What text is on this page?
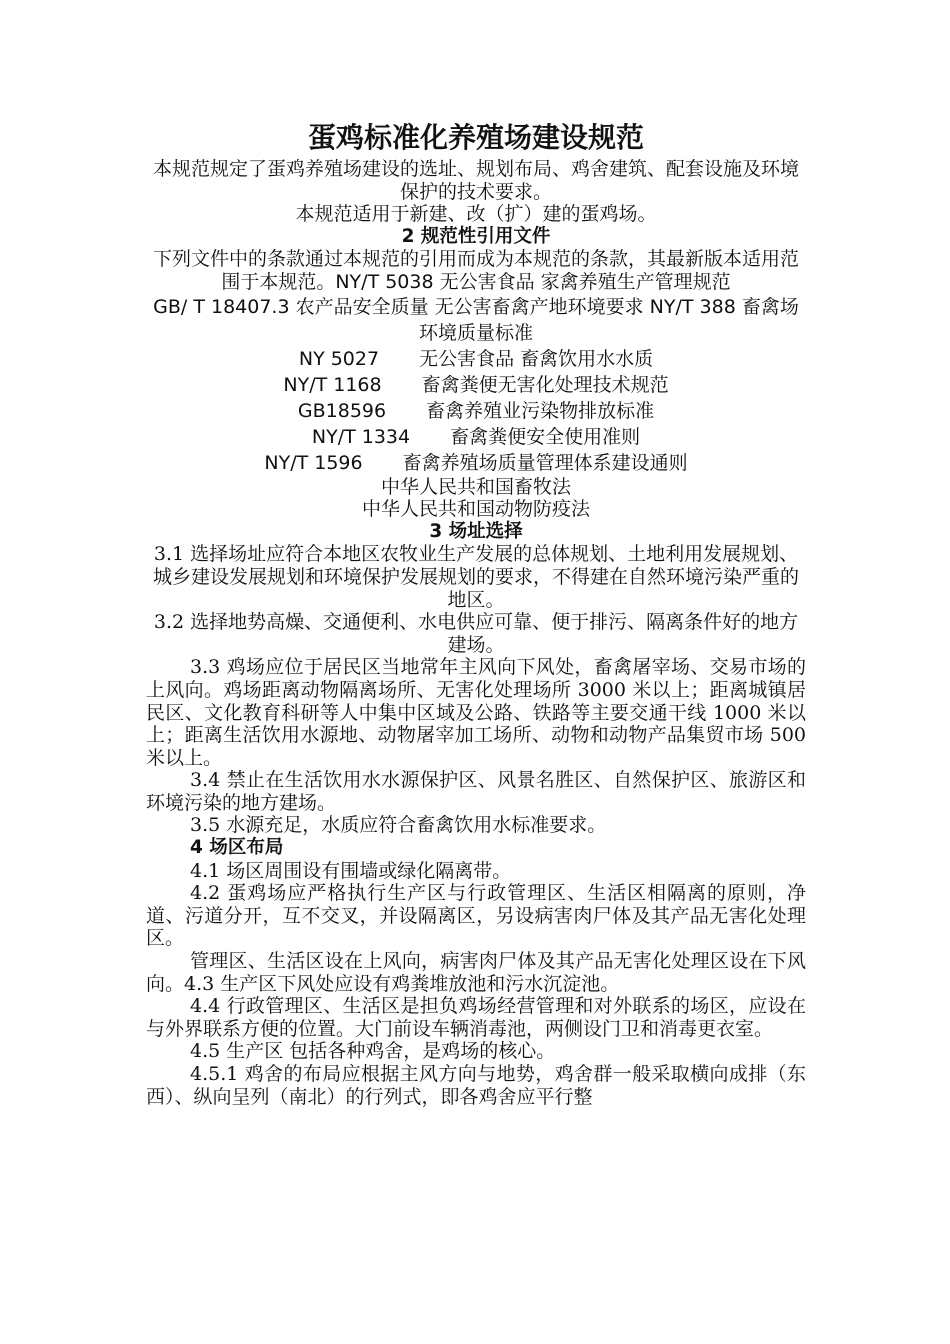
蛋鸡标准化养殖场建设规范

本规范规定了蛋鸡养殖场建设的选址、规划布局、鸡舍建筑、配套设施及环境保护的技术要求。

本规范适用于新建、改（扩）建的蛋鸡场。

2 规范性引用文件

下列文件中的条款通过本规范的引用而成为本规范的条款，其最新版本适用范围于本规范。NY/T 5038 无公害食品 家禽养殖生产管理规范

GB/ T 18407.3 农产品安全质量 无公害畜禽产地环境要求 NY/T 388 畜禽场环境质量标准

NY 5027 无公害食品 畜禽饮用水水质

NY/T 1168 畜禽粪便无害化处理技术规范

GB18596 畜禽养殖业污染物排放标准

NY/T 1334 畜禽粪便安全使用准则

NY/T 1596 畜禽养殖场质量管理体系建设通则

中华人民共和国畜牧法

中华人民共和国动物防疫法

3 场址选择

3.1 选择场址应符合本地区农牧业生产发展的总体规划、土地利用发展规划、城乡建设发展规划和环境保护发展规划的要求，不得建在自然环境污染严重的地区。

3.2 选择地势高燥、交通便利、水电供应可靠、便于排污、隔离条件好的地方建场。

3.3 鸡场应位于居民区当地常年主风向下风处，畜禽屠宰场、交易市场的上风向。鸡场距离动物隔离场所、无害化处理场所 3000 米以上；距离城镇居民区、文化教育科研等人中集中区域及公路、铁路等主要交通干线 1000 米以上；距离生活饮用水源地、动物屠宰加工场所、动物和动物产品集贸市场 500 米以上。

3.4 禁止在生活饮用水水源保护区、风景名胜区、自然保护区、旅游区和环境污染的地方建场。

3.5 水源充足，水质应符合畜禽饮用水标准要求。

4 场区布局

4.1 场区周围设有围墙或绿化隔离带。

4.2 蛋鸡场应严格执行生产区与行政管理区、生活区相隔离的原则，净道、污道分开，互不交叉，并设隔离区，另设病害肉尸体及其产品无害化处理区。

管理区、生活区设在上风向，病害肉尸体及其产品无害化处理区设在下风向。4.3 生产区下风处应设有鸡粪堆放池和污水沉淀池。

4.4 行政管理区、生活区是担负鸡场经营管理和对外联系的场区，应设在与外界联系方便的位置。大门前设车辆消毒池，两侧设门卫和消毒更衣室。

4.5 生产区 包括各种鸡舍，是鸡场的核心。

4.5.1 鸡舍的布局应根据主风方向与地势，鸡舍群一般采取横向成排（东西）、纵向呈列（南北）的行列式，即各鸡舍应平行整
